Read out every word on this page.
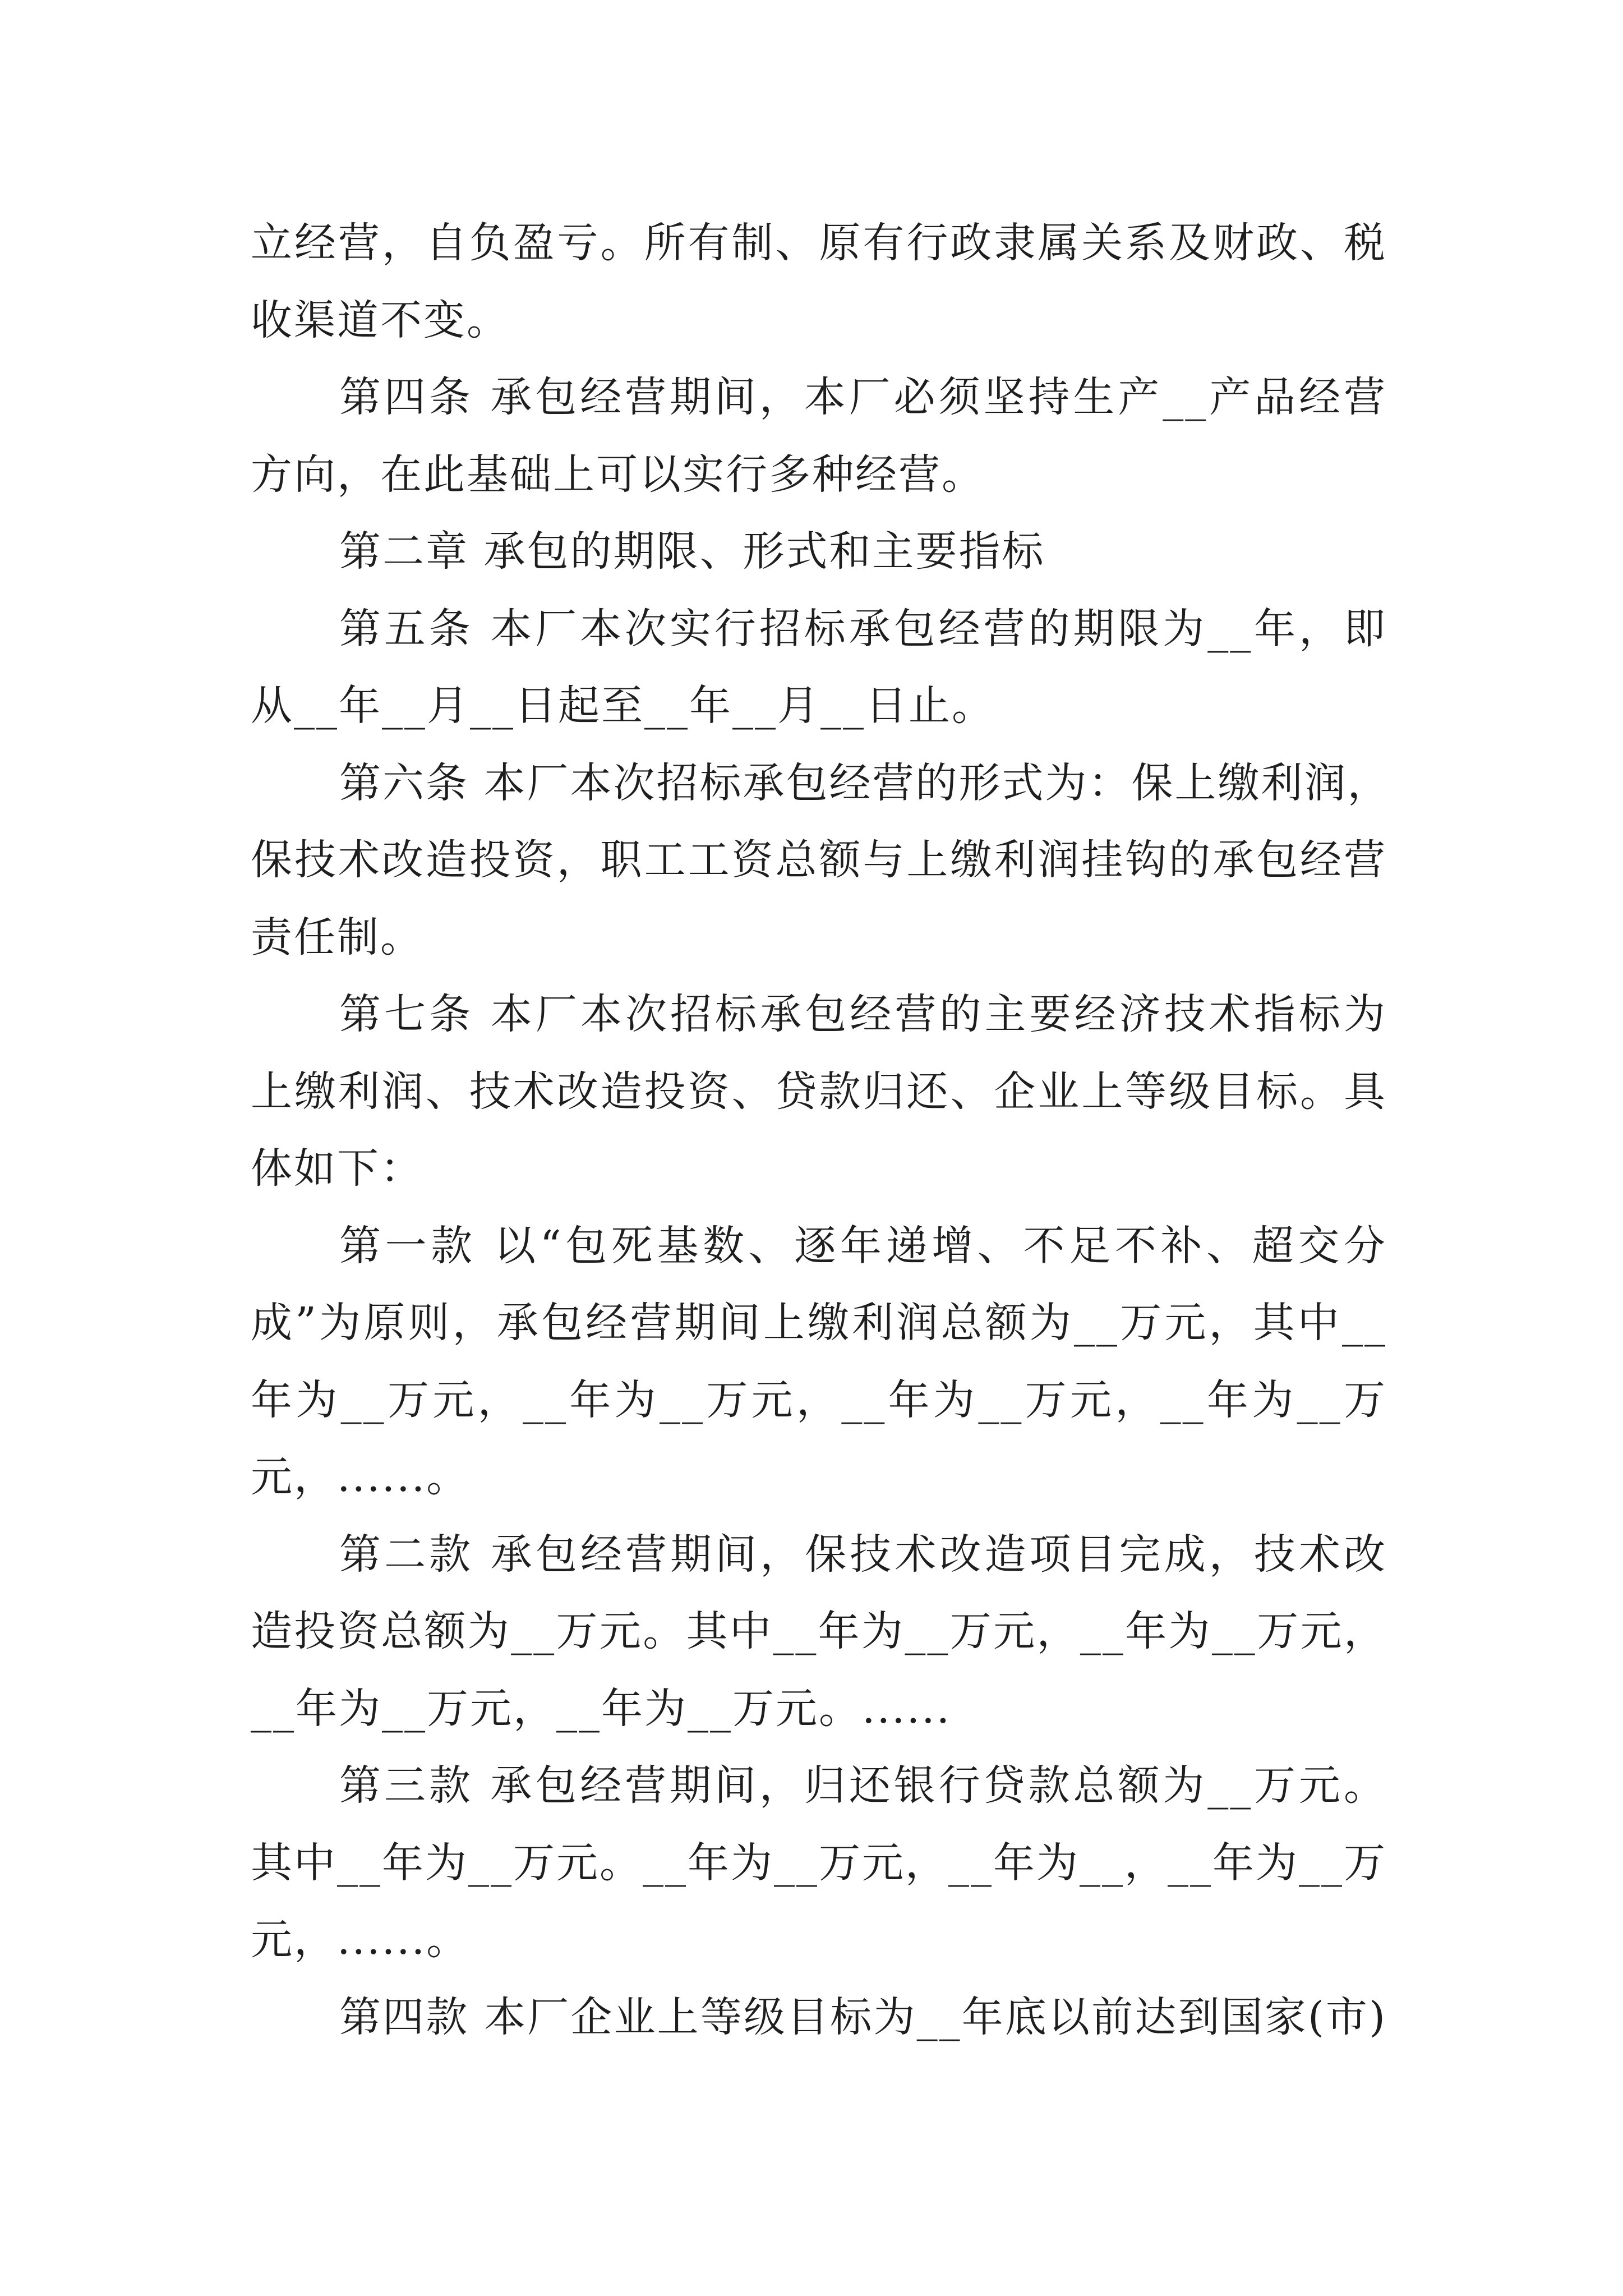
立经营，自负盈亏。所有制、原有行政隶属关系及财政、税
收渠道不变。
第四条 承包经营期间，本厂必须坚持生产__产品经营
方向，在此基础上可以实行多种经营。
第二章 承包的期限、形式和主要指标
第五条 本厂本次实行招标承包经营的期限为__年，即
从__年__月__日起至__年__月__日止。
第六条 本厂本次招标承包经营的形式为：保上缴利润，
保技术改造投资，职工工资总额与上缴利润挂钩的承包经营
责任制。
第七条 本厂本次招标承包经营的主要经济技术指标为
上缴利润、技术改造投资、贷款归还、企业上等级目标。具
体如下：
第一款 以“包死基数、逐年递增、不足不补、超交分
成”为原则，承包经营期间上缴利润总额为__万元，其中__
年为__万元，__年为__万元，__年为__万元，__年为__万
元，......。
第二款 承包经营期间，保技术改造项目完成，技术改
造投资总额为__万元。其中__年为__万元，__年为__万元，
__年为__万元，__年为__万元。......
第三款 承包经营期间，归还银行贷款总额为__万元。
其中__年为__万元。__年为__万元，__年为__，__年为__万
元，......。
第四款 本厂企业上等级目标为__年底以前达到国家(市)
